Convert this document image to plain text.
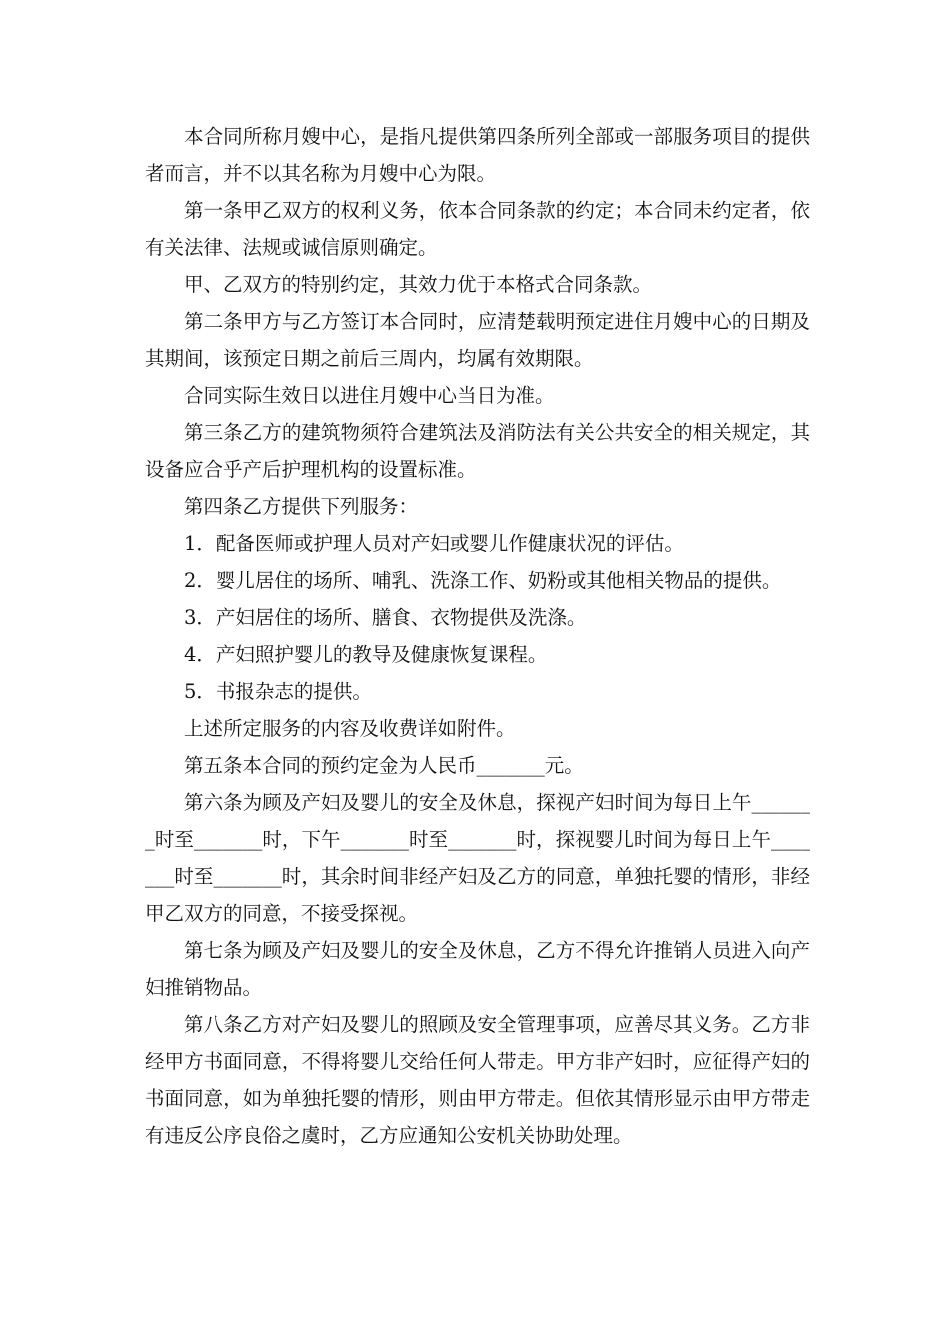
本合同所称月嫂中心，是指凡提供第四条所列全部或一部服务项目的提供者而言，并不以其名称为月嫂中心为限。

第一条甲乙双方的权利义务，依本合同条款的约定；本合同未约定者，依有关法律、法规或诚信原则确定。

甲、乙双方的特别约定，其效力优于本格式合同条款。

第二条甲方与乙方签订本合同时，应清楚载明预定进住月嫂中心的日期及其期间，该预定日期之前后三周内，均属有效期限。

合同实际生效日以进住月嫂中心当日为准。

第三条乙方的建筑物须符合建筑法及消防法有关公共安全的相关规定，其设备应合乎产后护理机构的设置标准。

第四条乙方提供下列服务：

1．配备医师或护理人员对产妇或婴儿作健康状况的评估。

2．婴儿居住的场所、哺乳、洗涤工作、奶粉或其他相关物品的提供。

3．产妇居住的场所、膳食、衣物提供及洗涤。

4．产妇照护婴儿的教导及健康恢复课程。

5．书报杂志的提供。

上述所定服务的内容及收费详如附件。

第五条本合同的预约定金为人民币_______元。

第六条为顾及产妇及婴儿的安全及休息，探视产妇时间为每日上午_______时至_______时，下午_______时至_______时，探视婴儿时间为每日上午_______时至_______时，其余时间非经产妇及乙方的同意，单独托婴的情形，非经甲乙双方的同意，不接受探视。

第七条为顾及产妇及婴儿的安全及休息，乙方不得允许推销人员进入向产妇推销物品。

第八条乙方对产妇及婴儿的照顾及安全管理事项，应善尽其义务。乙方非经甲方书面同意，不得将婴儿交给任何人带走。甲方非产妇时，应征得产妇的书面同意，如为单独托婴的情形，则由甲方带走。但依其情形显示由甲方带走有违反公序良俗之虞时，乙方应通知公安机关协助处理。
